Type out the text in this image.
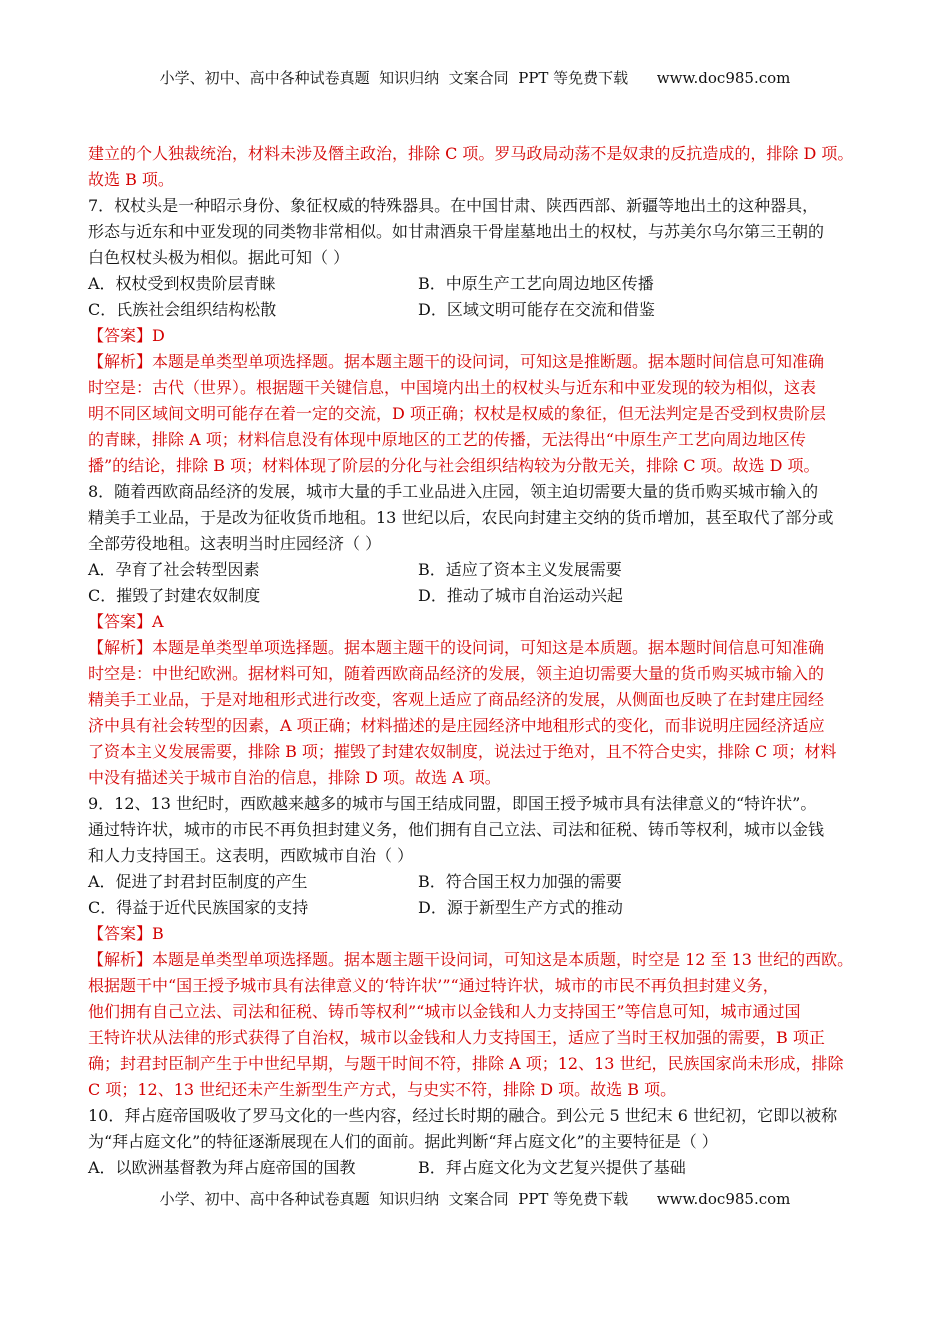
小学、初中、高中各种试卷真题  知识归纳  文案合同  PPT 等免费下载      www.doc985.com
建立的个人独裁统治，材料未涉及僭主政治，排除 C 项。罗马政局动荡不是奴隶的反抗造成的，排除 D 项。
故选 B 项。
7．权杖头是一种昭示身份、象征权威的特殊器具。在中国甘肃、陕西西部、新疆等地出土的这种器具，
形态与近东和中亚发现的同类物非常相似。如甘肃酒泉干骨崖墓地出土的权杖，与苏美尔乌尔第三王朝的
白色权杖头极为相似。据此可知（ ）
A．权杖受到权贵阶层青睐	B．中原生产工艺向周边地区传播
C．氏族社会组织结构松散	D．区域文明可能存在交流和借鉴
【答案】D
【解析】本题是单类型单项选择题。据本题主题干的设问词，可知这是推断题。据本题时间信息可知准确
时空是：古代（世界）。根据题干关键信息，中国境内出土的权杖头与近东和中亚发现的较为相似，这表
明不同区域间文明可能存在着一定的交流，D 项正确；权杖是权威的象征，但无法判定是否受到权贵阶层
的青睐，排除 A 项；材料信息没有体现中原地区的工艺的传播，无法得出“中原生产工艺向周边地区传
播”的结论，排除 B 项；材料体现了阶层的分化与社会组织结构较为分散无关，排除 C 项。故选 D 项。
8．随着西欧商品经济的发展，城市大量的手工业品进入庄园，领主迫切需要大量的货币购买城市输入的
精美手工业品，于是改为征收货币地租。13 世纪以后，农民向封建主交纳的货币增加，甚至取代了部分或
全部劳役地租。这表明当时庄园经济（ ）
A．孕育了社会转型因素	B．适应了资本主义发展需要
C．摧毁了封建农奴制度	D．推动了城市自治运动兴起
【答案】A
【解析】本题是单类型单项选择题。据本题主题干的设问词，可知这是本质题。据本题时间信息可知准确
时空是：中世纪欧洲。据材料可知，随着西欧商品经济的发展，领主迫切需要大量的货币购买城市输入的
精美手工业品，于是对地租形式进行改变，客观上适应了商品经济的发展，从侧面也反映了在封建庄园经
济中具有社会转型的因素，A 项正确；材料描述的是庄园经济中地租形式的变化，而非说明庄园经济适应
了资本主义发展需要，排除 B 项；摧毁了封建农奴制度，说法过于绝对，且不符合史实，排除 C 项；材料
中没有描述关于城市自治的信息，排除 D 项。故选 A 项。
9．12、13 世纪时，西欧越来越多的城市与国王结成同盟，即国王授予城市具有法律意义的“特许状”。
通过特许状，城市的市民不再负担封建义务，他们拥有自己立法、司法和征税、铸币等权利，城市以金钱
和人力支持国王。这表明，西欧城市自治（ ）
A．促进了封君封臣制度的产生	B．符合国王权力加强的需要
C．得益于近代民族国家的支持	D．源于新型生产方式的推动
【答案】B
【解析】本题是单类型单项选择题。据本题主题干设问词，可知这是本质题，时空是 12 至 13 世纪的西欧。
根据题干中“国王授予城市具有法律意义的‘特许状’”“通过特许状，城市的市民不再负担封建义务，
他们拥有自己立法、司法和征税、铸币等权利”“城市以金钱和人力支持国王”等信息可知，城市通过国
王特许状从法律的形式获得了自治权，城市以金钱和人力支持国王，适应了当时王权加强的需要，B 项正
确；封君封臣制产生于中世纪早期，与题干时间不符，排除 A 项；12、13 世纪，民族国家尚未形成，排除
C 项；12、13 世纪还未产生新型生产方式，与史实不符，排除 D 项。故选 B 项。
10．拜占庭帝国吸收了罗马文化的一些内容，经过长时期的融合。到公元 5 世纪末 6 世纪初，它即以被称
为“拜占庭文化”的特征逐渐展现在人们的面前。据此判断“拜占庭文化”的主要特征是（ ）
A．以欧洲基督教为拜占庭帝国的国教	B．拜占庭文化为文艺复兴提供了基础
小学、初中、高中各种试卷真题  知识归纳  文案合同  PPT 等免费下载      www.doc985.com
